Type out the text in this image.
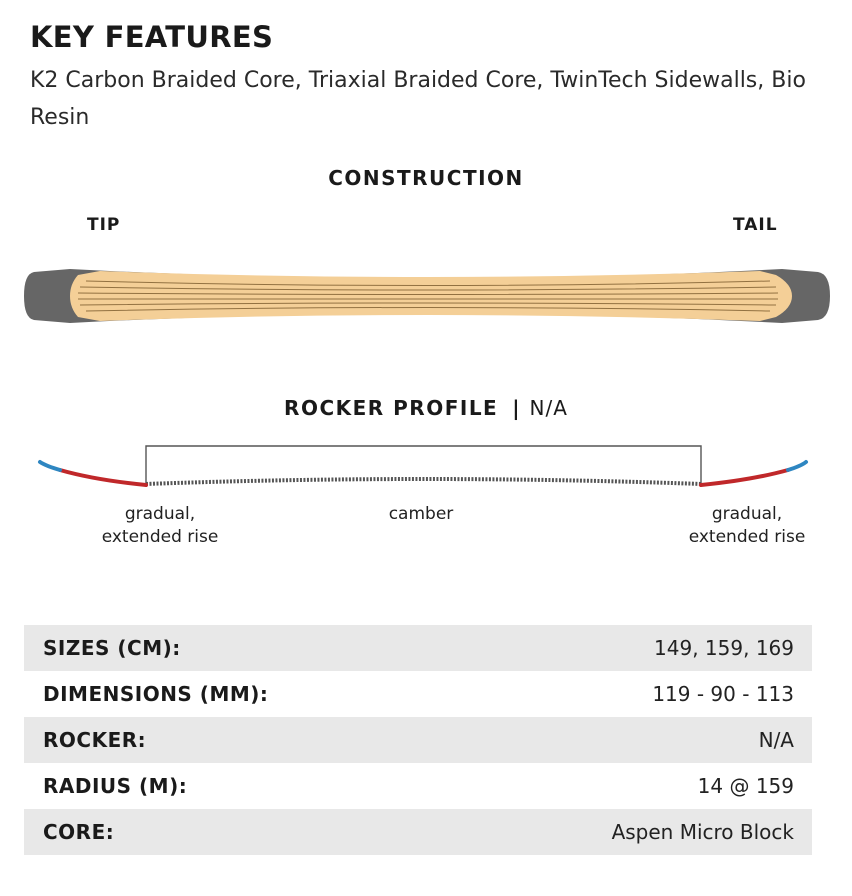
KEY FEATURES

K2 Carbon Braided Core, Triaxial Braided Core, TwinTech Sidewalls, Bio Resin

CONSTRUCTION
TIP	TAIL
ROCKER PROFILE | N/A
gradual,
extended rise
camber	gradual,
extended rise
SIZES (CM):	149, 159, 169
DIMENSIONS (MM):	119 - 90 - 113
ROCKER:	N/A
RADIUS (M):	14 @ 159
CORE:	Aspen Micro Block
